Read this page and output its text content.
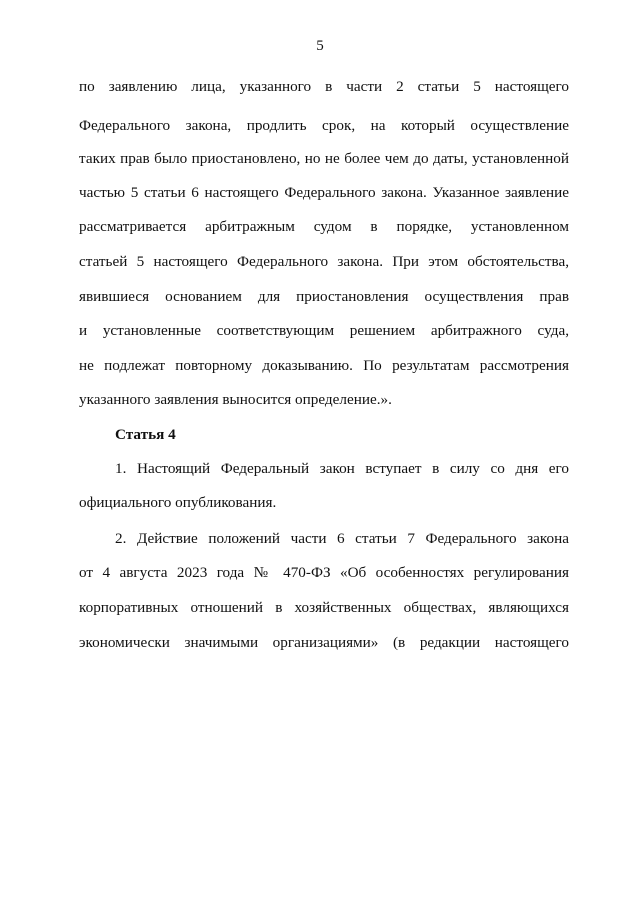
5
по заявлению лица, указанного в части 2 статьи 5 настоящего
Федерального закона, продлить срок, на который осуществление
таких прав было приостановлено, но не более чем до даты, установленной
частью 5 статьи 6 настоящего Федерального закона. Указанное заявление
рассматривается арбитражным судом в порядке, установленном
статьей 5 настоящего Федерального закона. При этом обстоятельства,
явившиеся основанием для приостановления осуществления прав
и установленные соответствующим решением арбитражного суда,
не подлежат повторному доказыванию. По результатам рассмотрения
указанного заявления выносится определение.».
Статья 4
1. Настоящий Федеральный закон вступает в силу со дня его
официального опубликования.
2. Действие положений части 6 статьи 7 Федерального закона
от 4 августа 2023 года № 470-ФЗ «Об особенностях регулирования
корпоративных отношений в хозяйственных обществах, являющихся
экономически значимыми организациями» (в редакции настоящего
